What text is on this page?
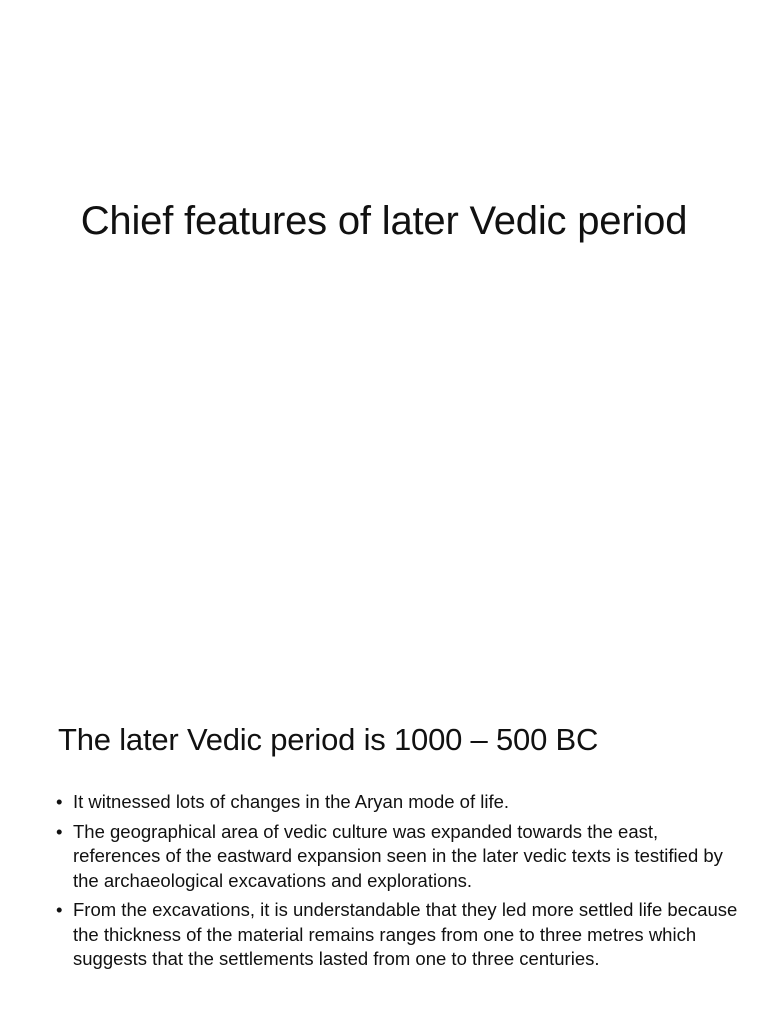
Chief features of later Vedic period
The later Vedic period is 1000 – 500 BC
• It witnessed lots of changes in the Aryan mode of life.
• The geographical area of vedic culture was expanded towards the east, references of the eastward expansion seen in the later vedic texts is testified by the archaeological excavations and explorations.
• From the excavations, it is understandable that they led more settled life because the thickness of the material remains ranges from one to three metres which suggests that the settlements lasted from one to three centuries.
